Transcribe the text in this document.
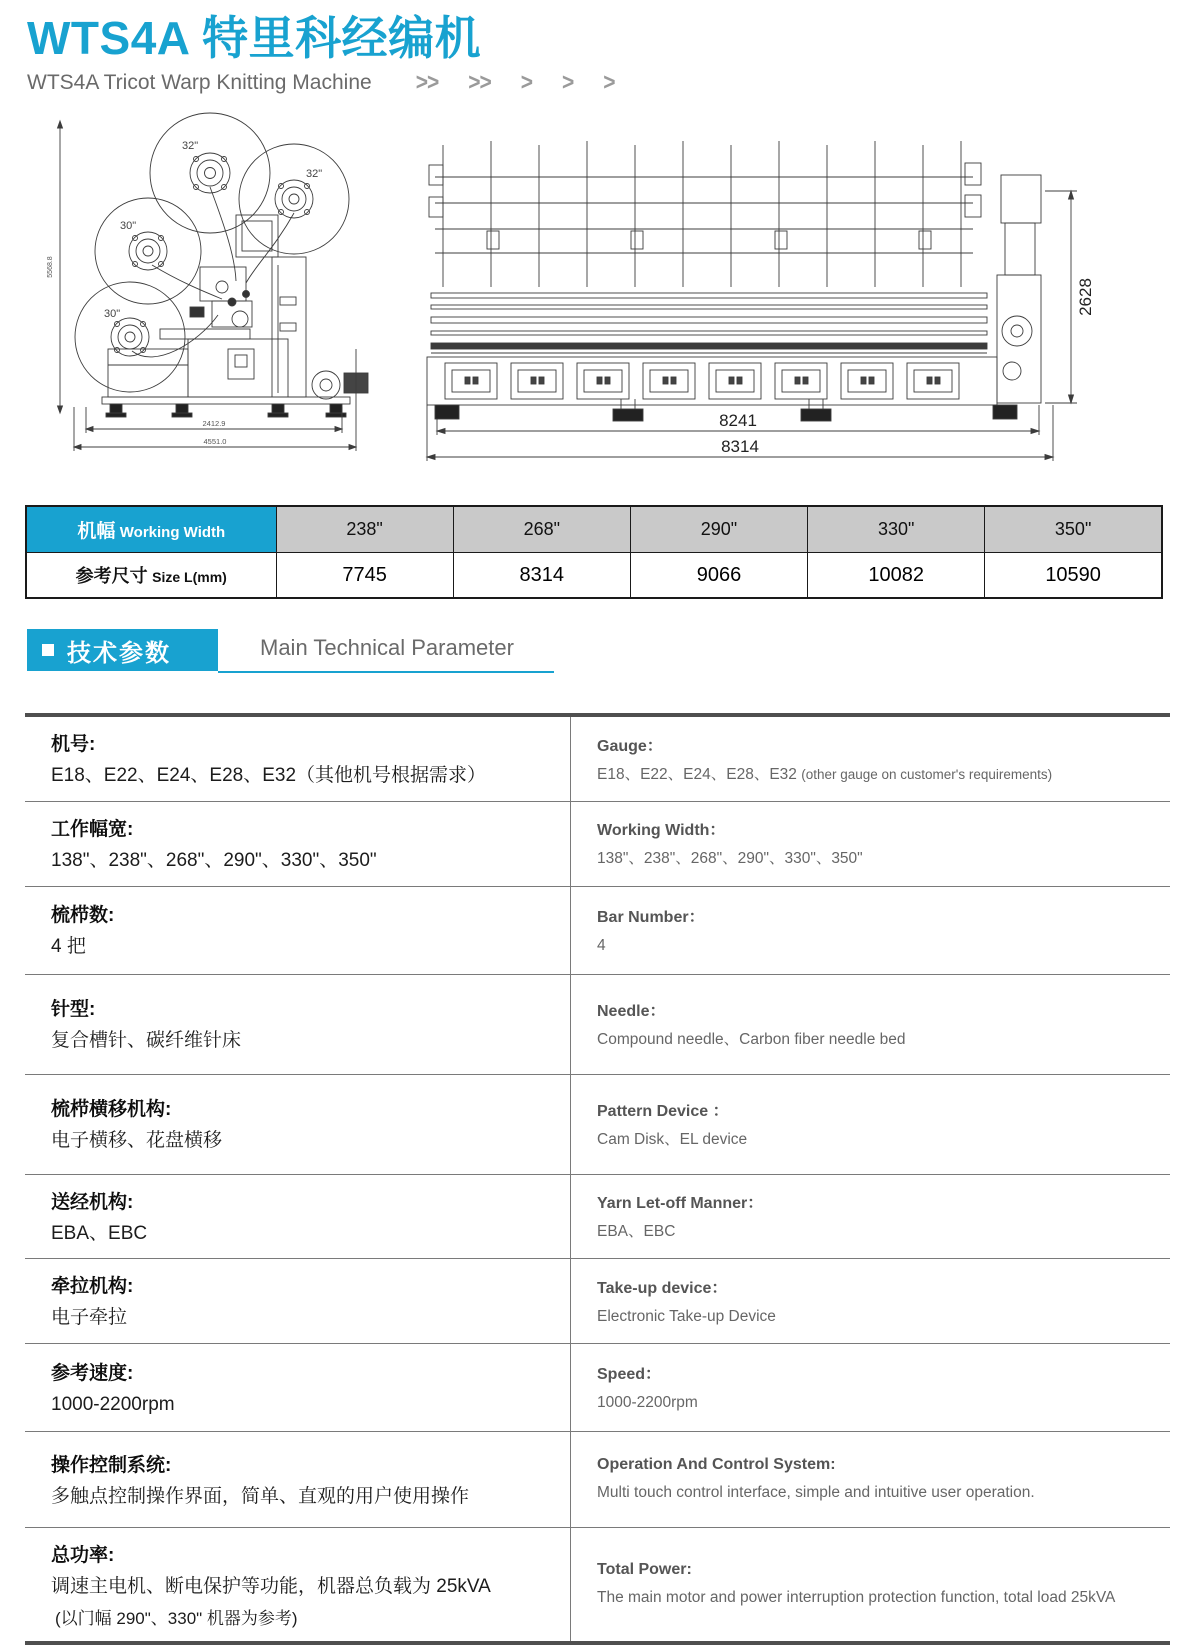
WTS4A 特里科经编机
WTS4A Tricot Warp Knitting Machine >> >> > > >
32"
32"
30"
30"
5568.8
2412.9
4551.0
2628
8241
8314
机幅 Working Width	238"	268"	290"	330"	350"
参考尺寸 Size L(mm)	7745	8314	9066	10082	10590
技术参数	Main Technical Parameter
机号:
E18、E22、E24、E28、E32（其他机号根据需求）
Gauge：
E18、E22、E24、E28、E32 (other gauge on customer's requirements)
工作幅宽:
138"、238"、268"、290"、330"、350"
Working Width：
138"、238"、268"、290"、330"、350"
梳栉数:
4 把
Bar Number：
4
针型:
复合槽针、碳纤维针床
Needle：
Compound needle、Carbon fiber needle bed
梳栉横移机构:
电子横移、花盘横移
Pattern Device ：
Cam Disk、EL device
送经机构:
EBA、EBC
Yarn Let-off Manner：
EBA、EBC
牵拉机构:
电子牵拉
Take-up device：
Electronic Take-up Device
参考速度:
1000-2200rpm
Speed：
1000-2200rpm
操作控制系统:
多触点控制操作界面，简单、直观的用户使用操作
Operation And Control System:
Multi touch control interface, simple and intuitive user operation.
总功率:
调速主电机、断电保护等功能，机器总负载为 25kVA
(以门幅 290"、330" 机器为参考)
Total Power:
The main motor and power interruption protection function, total load 25kVA
